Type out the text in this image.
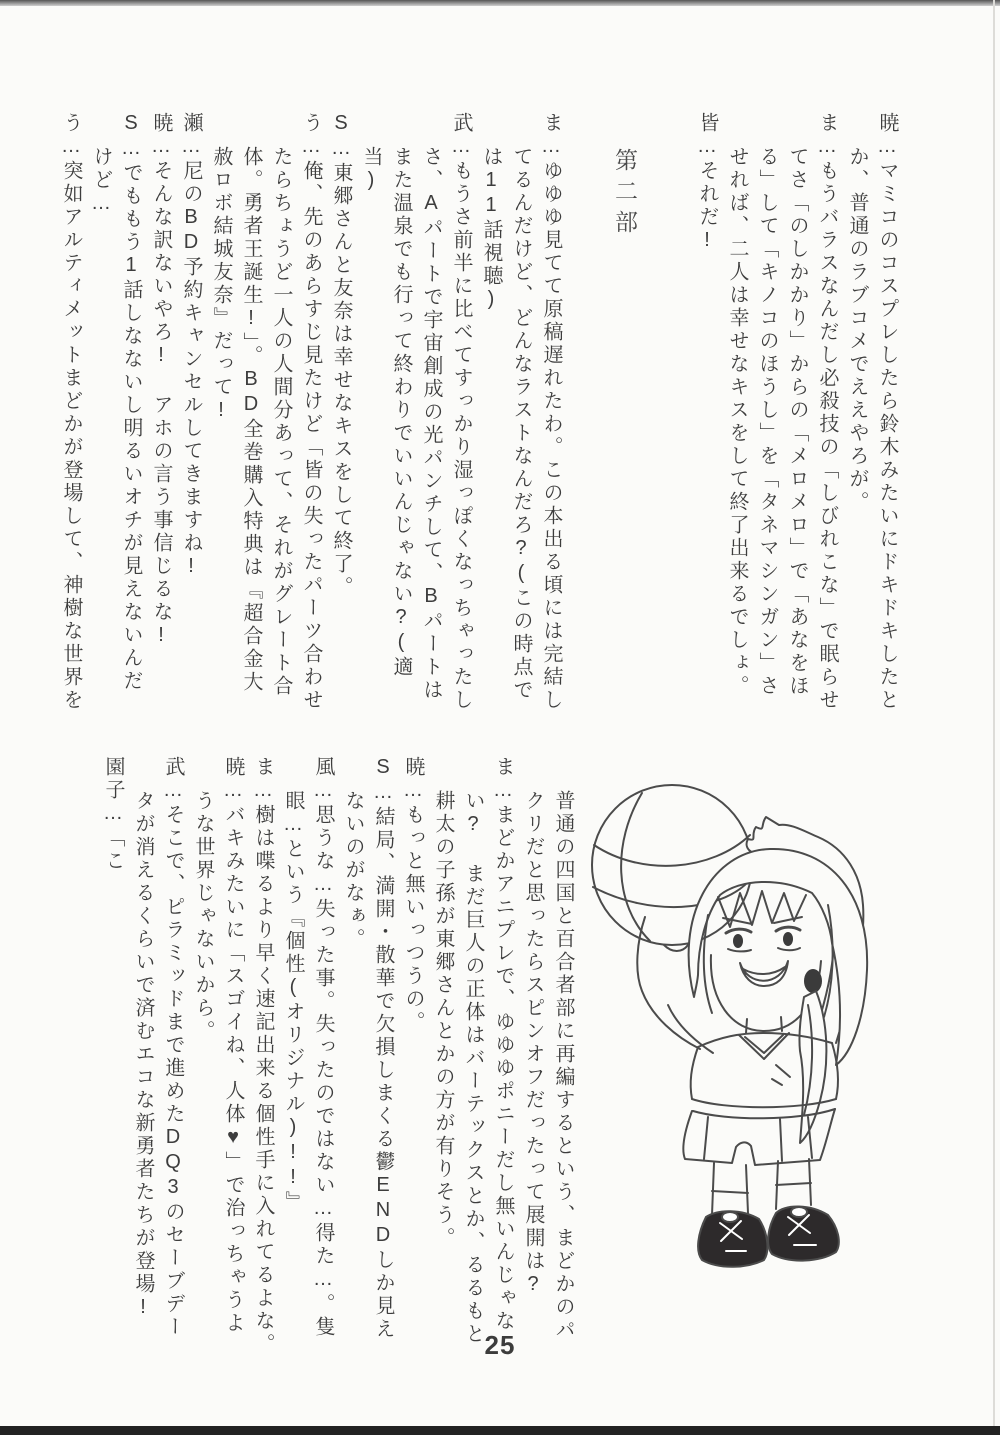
暁…マミコのコスプレしたら鈴木みたいにドキドキしたとか、普通のラブコメでええやろが。

ま…もうバラスなんだし必殺技の「しびれこな」で眠らせてさ「のしかかり」からの「メロメロ」で「あなをほる」して「キノコのほうし」を「タネマシンガン」させれば、二人は幸せなキスをして終了出来るでしょ。

皆…それだ!

第二部

ま…ゆゆゆ見てて原稿遅れたわ。この本出る頃には完結してるんだけど、どんなラストなんだろ?(この時点では11話視聴)

武…もうさ前半に比べてすっかり湿っぽくなっちゃったしさ、Aパートで宇宙創成の光パンチして、Bパートはまた温泉でも行って終わりでいいんじゃない?(適当)

S…東郷さんと友奈は幸せなキスをして終了。

う…俺、先のあらすじ見たけど「皆の失ったパーツ合わせたらちょうど一人の人間分あって、それがグレート合体。勇者王誕生!」。BD全巻購入特典は『超合金大赦ロボ結城友奈』だって!

瀬…尼のBD予約キャンセルしてきますね!

暁…そんな訳ないやろ! アホの言う事信じるな!

S…でももう1話しなないし明るいオチが見えないんだけど…

う…突如アルティメットまどかが登場して、神樹な世界を

普通の四国と百合者部に再編するという、まどかのパクリだと思ったらスピンオフだったって展開は?

ま…まどかアニプレで、ゆゆゆポニーだし無いんじゃない? まだ巨人の正体はバーテックスとか、るるもと耕太の子孫が東郷さんとかの方が有りそう。

暁…もっと無いっつうの。

S…結局、満開・散華で欠損しまくる鬱ENDしか見えないのがなぁ。

風…思うな…失った事。失ったのではない…得た…。隻眼…という『個性(オリジナル)!!』

ま…樹は喋るより早く速記出来る個性手に入れてるよな。

暁…バキみたいに「スゴイね、人体♥」で治っちゃうような世界じゃないから。

武…そこで、ピラミッドまで進めたDQ3のセーブデータが消えるくらいで済むエコな新勇者たちが登場!

園子…「こ

25
